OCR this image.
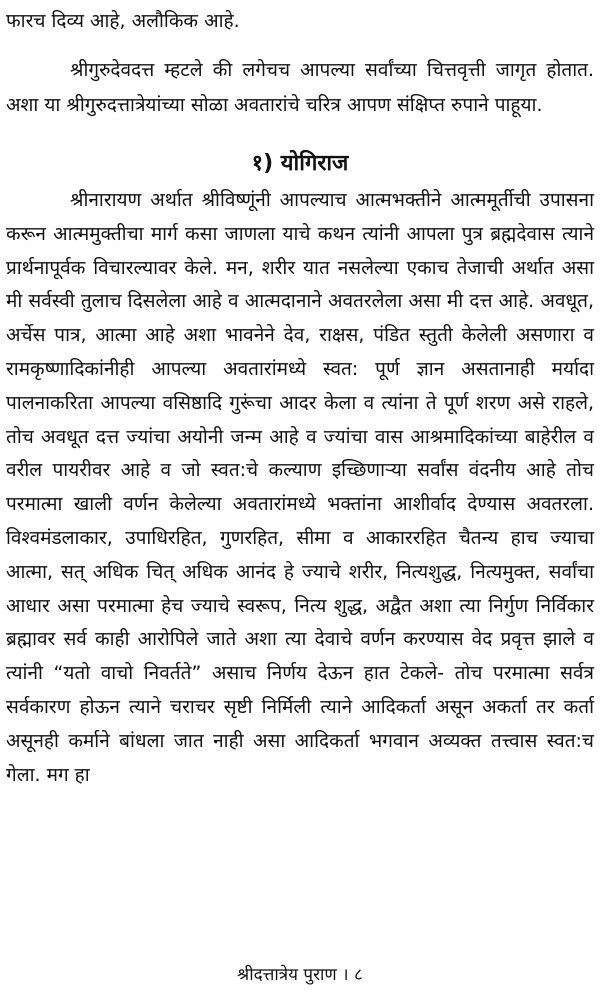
फारच दिव्य आहे, अलौकिक आहे.

श्रीगुरुदेवदत्त म्हटले की लगेचच आपल्या सर्वांच्या चित्तवृत्ती जागृत होतात. अशा या श्रीगुरुदत्तात्रेयांच्या सोळा अवतारांचे चरित्र आपण संक्षिप्त रुपाने पाहूया.

१) योगिराज

श्रीनारायण अर्थात श्रीविष्णूंनी आपल्याच आत्मभक्तीने आत्ममूर्तीची उपासना करून आत्ममुक्तीचा मार्ग कसा जाणला याचे कथन त्यांनी आपला पुत्र ब्रह्मदेवास त्याने प्रार्थनापूर्वक विचारल्यावर केले. मन, शरीर यात नसलेल्या एकाच तेजाची अर्थात असा मी सर्वस्वी तुलाच दिसलेला आहे व आत्मदानाने अवतरलेला असा मी दत्त आहे. अवधूत, अर्चेस पात्र, आत्मा आहे अशा भावनेने देव, राक्षस, पंडित स्तुती केलेली असणारा व रामकृष्णादिकांनीही आपल्या अवतारांमध्ये स्वत: पूर्ण ज्ञान असतानाही मर्यादा पालनाकरिता आपल्या वसिष्ठादि गुरूंचा आदर केला व त्यांना ते पूर्ण शरण असे राहले, तोच अवधूत दत्त ज्यांचा अयोनी जन्म आहे व ज्यांचा वास आश्रमादिकांच्या बाहेरील व वरील पायरीवर आहे व जो स्वत:चे कल्याण इच्छिणाऱ्या सर्वांस वंदनीय आहे तोच परमात्मा खाली वर्णन केलेल्या अवतारांमध्ये भक्तांना आशीर्वाद देण्यास अवतरला. विश्वमंडलाकार, उपाधिरहित, गुणरहित, सीमा व आकाररहित चैतन्य हाच ज्याचा आत्मा, सत् अधिक चित् अधिक आनंद हे ज्याचे शरीर, नित्यशुद्ध, नित्यमुक्त, सर्वांचा आधार असा परमात्मा हेच ज्याचे स्वरूप, नित्य शुद्ध, अद्वैत अशा त्या निर्गुण निर्विकार ब्रह्मावर सर्व काही आरोपिले जाते अशा त्या देवाचे वर्णन करण्यास वेद प्रवृत्त झाले व त्यांनी “यतो वाचो निवर्तते” असाच निर्णय देऊन हात टेकले- तोच परमात्मा सर्वत्र सर्वकारण होऊन त्याने चराचर सृष्टी निर्मिली त्याने आदिकर्ता असून अकर्ता तर कर्ता असूनही कर्माने बांधला जात नाही असा आदिकर्ता भगवान अव्यक्त तत्त्वास स्वत:च गेला. मग हा

श्रीदत्तात्रेय पुराण । ८
